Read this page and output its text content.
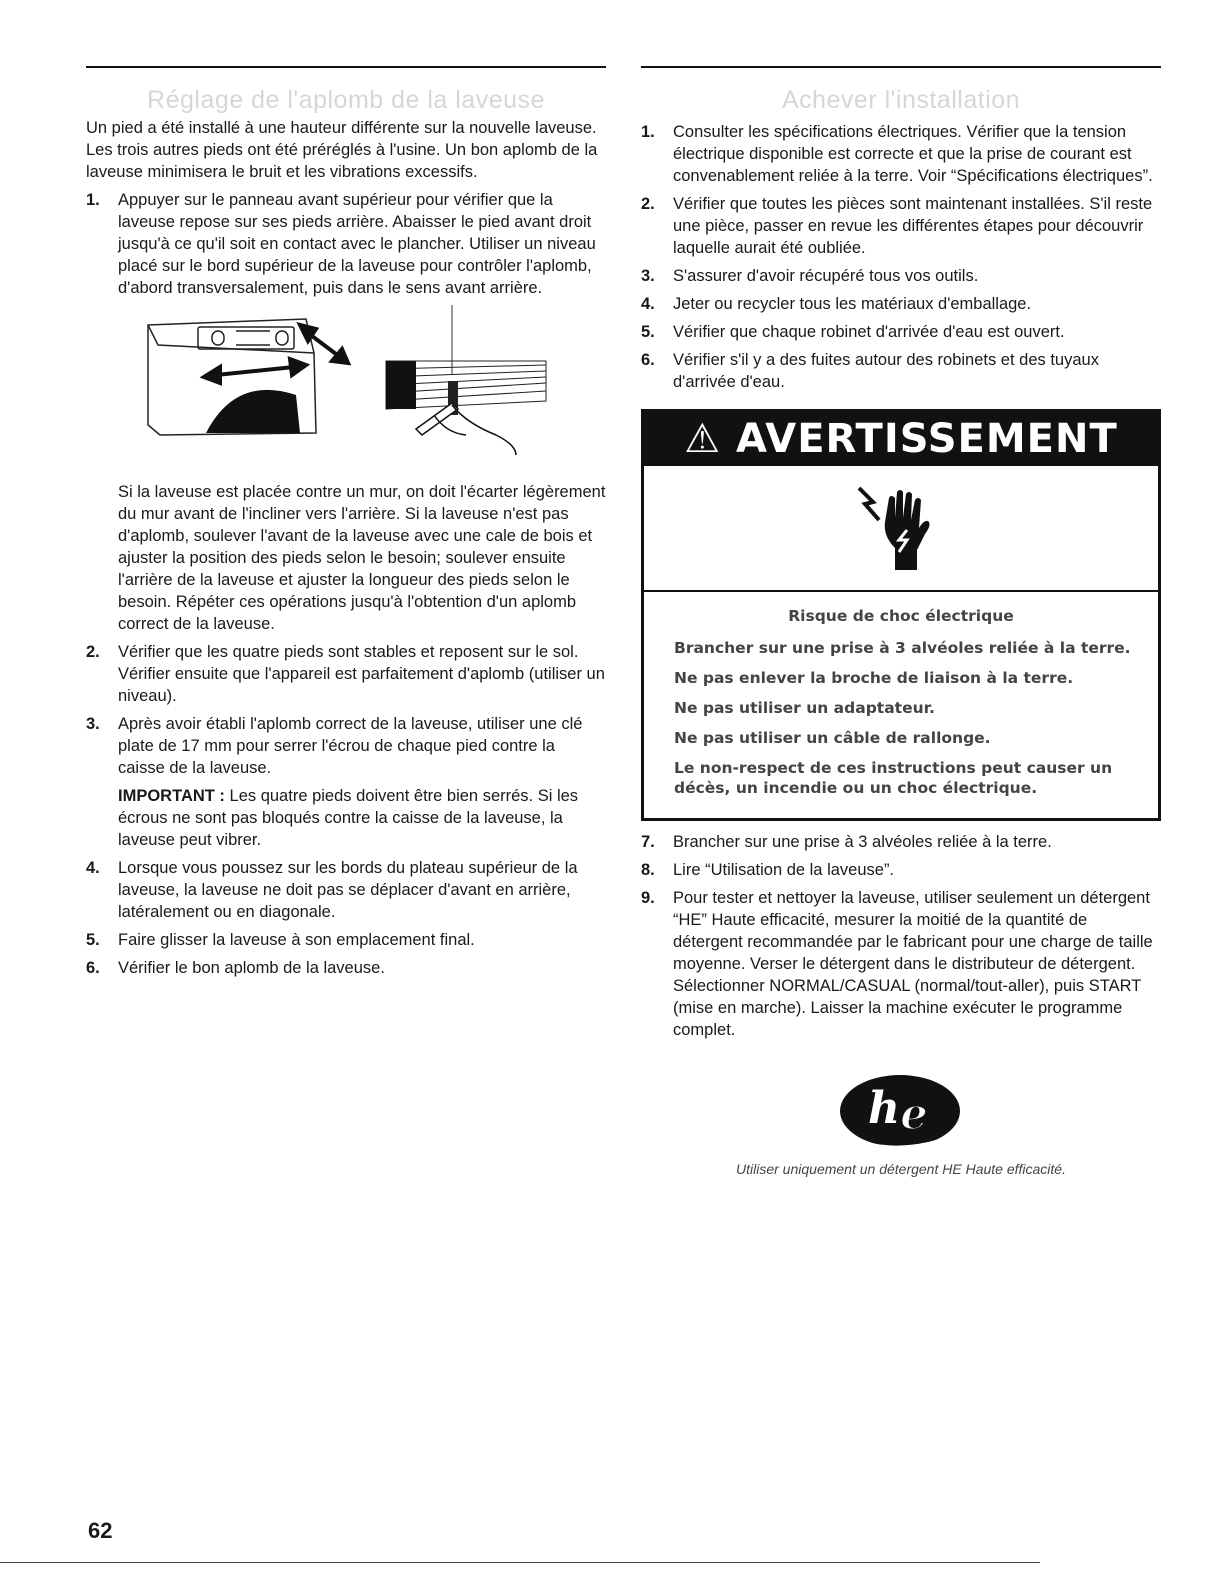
Réglage de l'aplomb de la laveuse

Un pied a été installé à une hauteur différente sur la nouvelle laveuse. Les trois autres pieds ont été préréglés à l'usine. Un bon aplomb de la laveuse minimisera le bruit et les vibrations excessifs.

1. Appuyer sur le panneau avant supérieur pour vérifier que la laveuse repose sur ses pieds arrière. Abaisser le pied avant droit jusqu'à ce qu'il soit en contact avec le plancher. Utiliser un niveau placé sur le bord supérieur de la laveuse pour contrôler l'aplomb, d'abord transversalement, puis dans le sens avant arrière.

Si la laveuse est placée contre un mur, on doit l'écarter légèrement du mur avant de l'incliner vers l'arrière. Si la laveuse n'est pas d'aplomb, soulever l'avant de la laveuse avec une cale de bois et ajuster la position des pieds selon le besoin; soulever ensuite l'arrière de la laveuse et ajuster la longueur des pieds selon le besoin. Répéter ces opérations jusqu'à l'obtention d'un aplomb correct de la laveuse.

2. Vérifier que les quatre pieds sont stables et reposent sur le sol. Vérifier ensuite que l'appareil est parfaitement d'aplomb (utiliser un niveau).
3. Après avoir établi l'aplomb correct de la laveuse, utiliser une clé plate de 17 mm pour serrer l'écrou de chaque pied contre la caisse de la laveuse.
IMPORTANT : Les quatre pieds doivent être bien serrés. Si les écrous ne sont pas bloqués contre la caisse de la laveuse, la laveuse peut vibrer.
4. Lorsque vous poussez sur les bords du plateau supérieur de la laveuse, la laveuse ne doit pas se déplacer d'avant en arrière, latéralement ou en diagonale.
5. Faire glisser la laveuse à son emplacement final.
6. Vérifier le bon aplomb de la laveuse.
Achever l'installation
1. Consulter les spécifications électriques. Vérifier que la tension électrique disponible est correcte et que la prise de courant est convenablement reliée à la terre. Voir “Spécifications électriques”.
2. Vérifier que toutes les pièces sont maintenant installées. S'il reste une pièce, passer en revue les différentes étapes pour découvrir laquelle aurait été oubliée.
3. S'assurer d'avoir récupéré tous vos outils.
4. Jeter ou recycler tous les matériaux d'emballage.
5. Vérifier que chaque robinet d'arrivée d'eau est ouvert.
6. Vérifier s'il y a des fuites autour des robinets et des tuyaux d'arrivée d'eau.
⚠ AVERTISSEMENT
Risque de choc électrique
Brancher sur une prise à 3 alvéoles reliée à la terre.
Ne pas enlever la broche de liaison à la terre.
Ne pas utiliser un adaptateur.
Ne pas utiliser un câble de rallonge.
Le non-respect de ces instructions peut causer un décès, un incendie ou un choc électrique.
7. Brancher sur une prise à 3 alvéoles reliée à la terre.
8. Lire “Utilisation de la laveuse”.
9. Pour tester et nettoyer la laveuse, utiliser seulement un détergent “HE” Haute efficacité, mesurer la moitié de la quantité de détergent recommandée par le fabricant pour une charge de taille moyenne. Verser le détergent dans le distributeur de détergent. Sélectionner NORMAL/CASUAL (normal/tout-aller), puis START (mise en marche). Laisser la machine exécuter le programme complet.
h e
Utiliser uniquement un détergent HE Haute efficacité.
62
